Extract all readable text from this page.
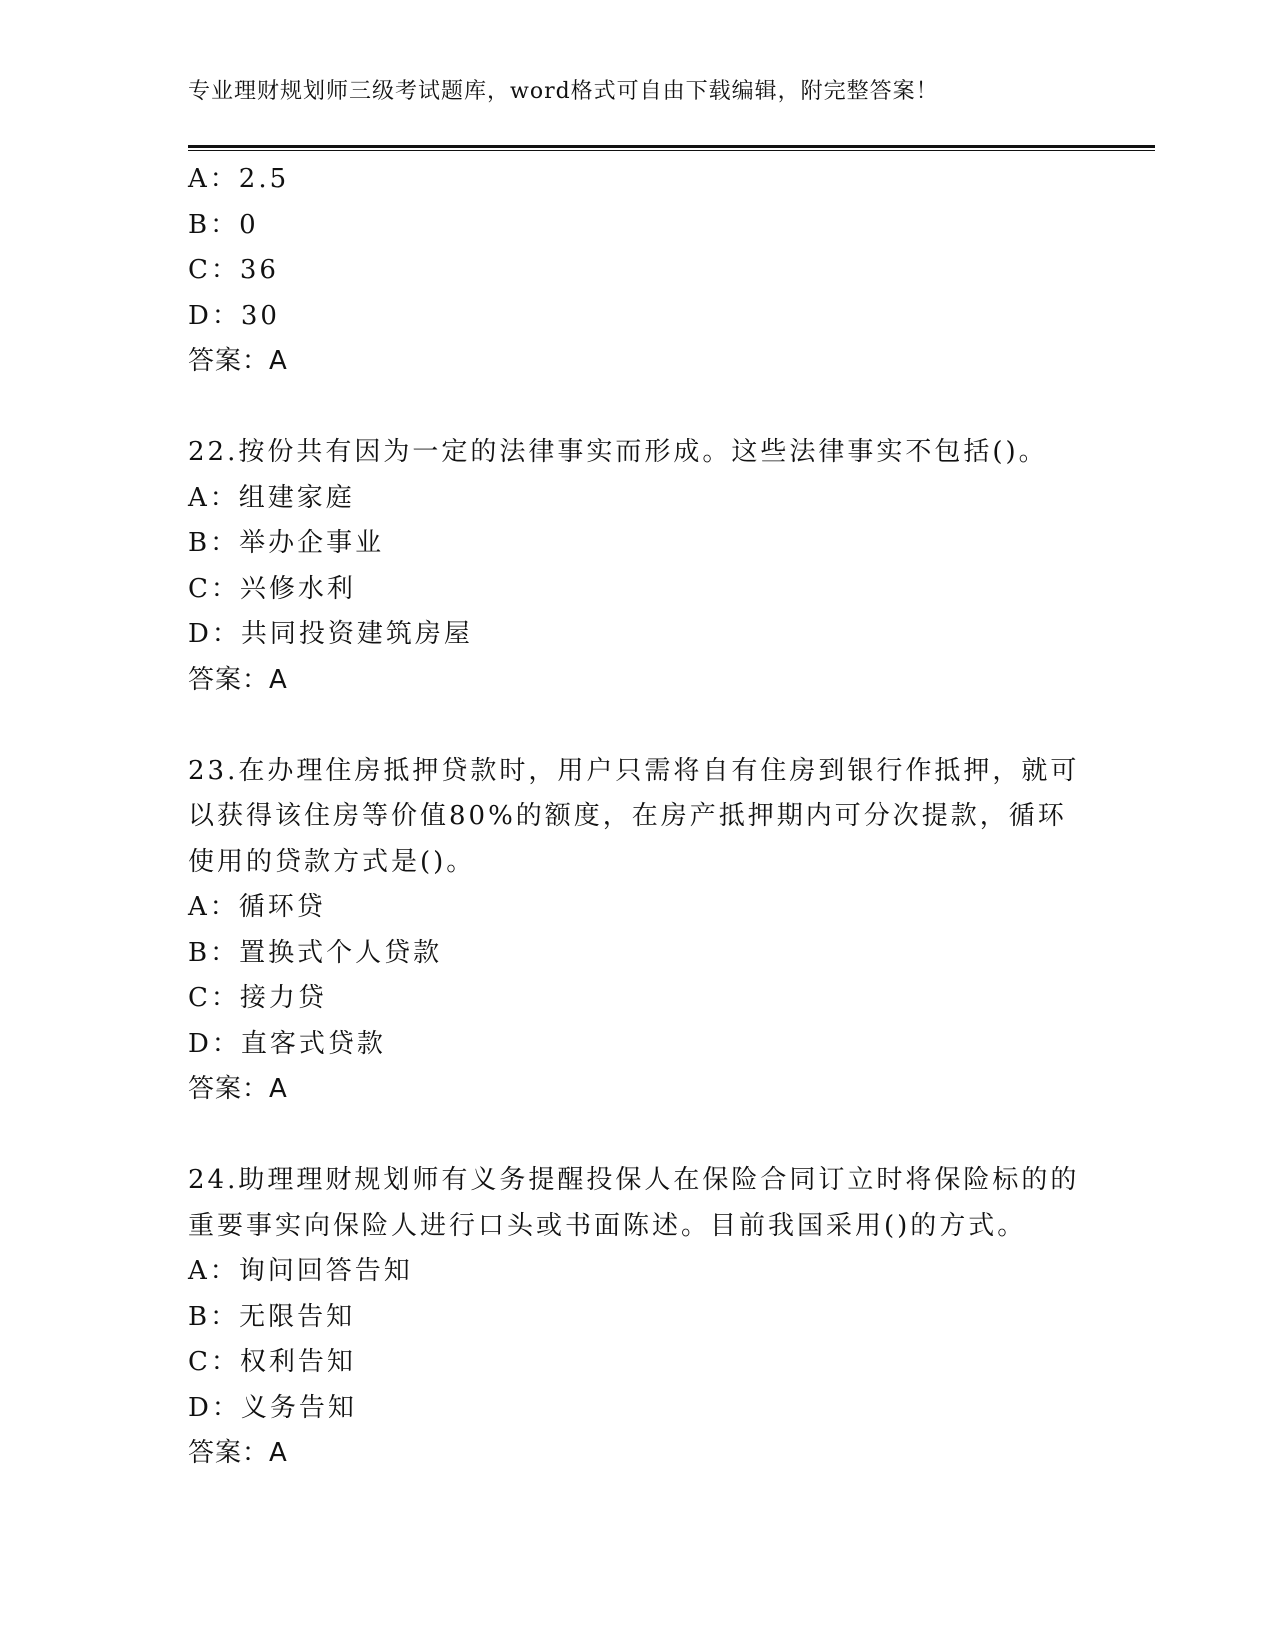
专业理财规划师三级考试题库，word格式可自由下载编辑，附完整答案！
A：2.5
B：0
C：36
D：30
答案：A
22.按份共有因为一定的法律事实而形成。这些法律事实不包括()。
A：组建家庭
B：举办企事业
C：兴修水利
D：共同投资建筑房屋
答案：A
23.在办理住房抵押贷款时，用户只需将自有住房到银行作抵押，就可以获得该住房等价值80%的额度，在房产抵押期内可分次提款，循环使用的贷款方式是()。
A：循环贷
B：置换式个人贷款
C：接力贷
D：直客式贷款
答案：A
24.助理理财规划师有义务提醒投保人在保险合同订立时将保险标的的重要事实向保险人进行口头或书面陈述。目前我国采用()的方式。
A：询问回答告知
B：无限告知
C：权利告知
D：义务告知
答案：A
